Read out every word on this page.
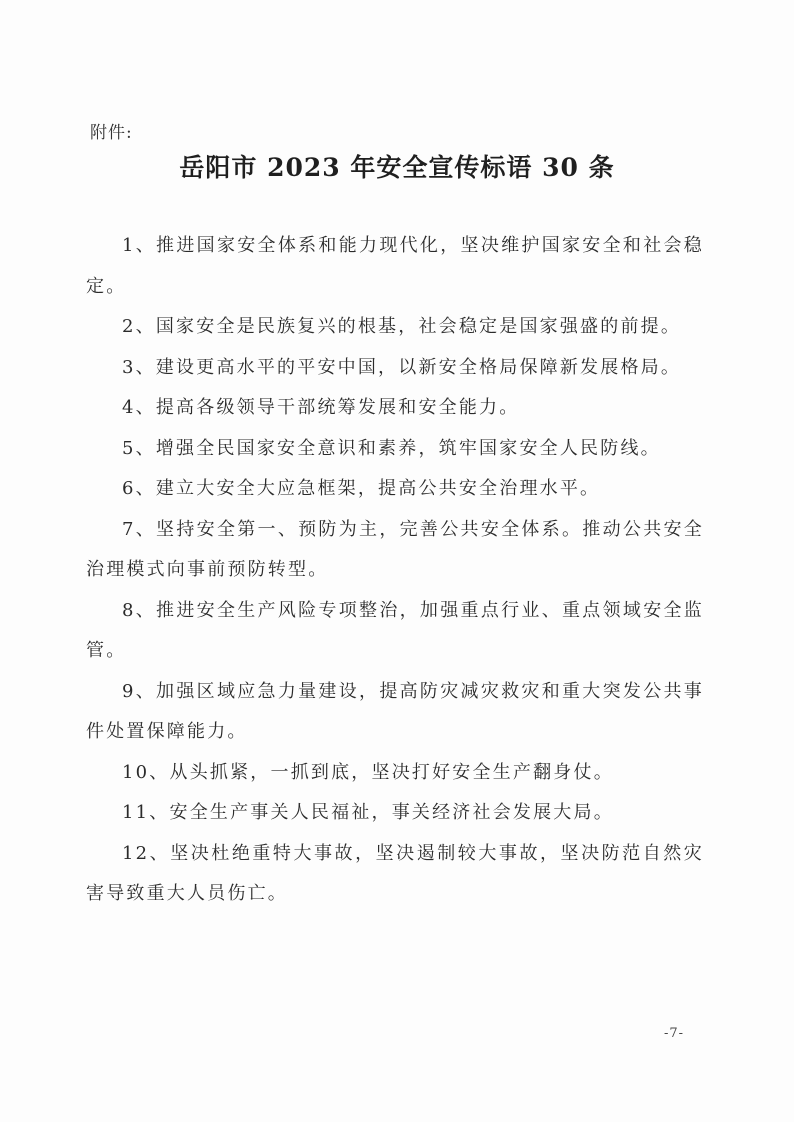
附件:
岳阳市 2023 年安全宣传标语 30 条

1、推进国家安全体系和能力现代化，坚决维护国家安全和社会稳定。

2、国家安全是民族复兴的根基，社会稳定是国家强盛的前提。

3、建设更高水平的平安中国，以新安全格局保障新发展格局。

4、提高各级领导干部统筹发展和安全能力。

5、增强全民国家安全意识和素养，筑牢国家安全人民防线。

6、建立大安全大应急框架，提高公共安全治理水平。

7、坚持安全第一、预防为主，完善公共安全体系。推动公共安全治理模式向事前预防转型。

8、推进安全生产风险专项整治，加强重点行业、重点领域安全监管。

9、加强区域应急力量建设，提高防灾减灾救灾和重大突发公共事件处置保障能力。

10、从头抓紧，一抓到底，坚决打好安全生产翻身仗。

11、安全生产事关人民福祉，事关经济社会发展大局。

12、坚决杜绝重特大事故，坚决遏制较大事故，坚决防范自然灾害导致重大人员伤亡。

-7-
